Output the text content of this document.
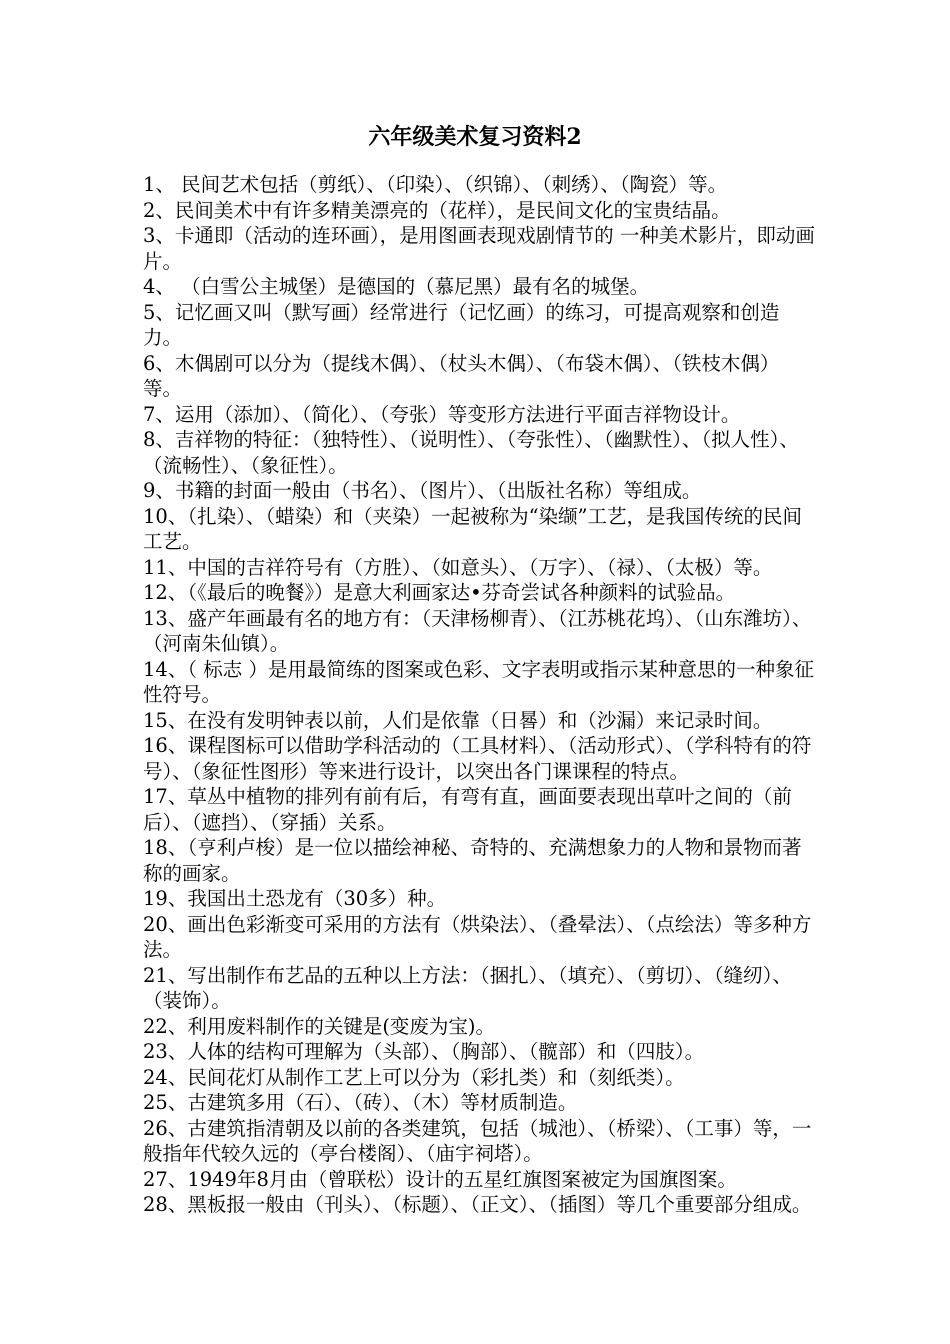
六年级美术复习资料2
1、 民间艺术包括（剪纸）、（印染）、（织锦）、（刺绣）、（陶瓷）等。
2、民间美术中有许多精美漂亮的（花样），是民间文化的宝贵结晶。
3、卡通即（活动的连环画），是用图画表现戏剧情节的 一种美术影片，即动画片。
4、 （白雪公主城堡）是德国的（慕尼黑）最有名的城堡。
5、记忆画又叫（默写画）经常进行（记忆画）的练习，可提高观察和创造力。
6、木偶剧可以分为（提线木偶）、（杖头木偶）、（布袋木偶）、（铁枝木偶）等。
7、运用（添加）、（简化）、（夸张）等变形方法进行平面吉祥物设计。
8、吉祥物的特征：（独特性）、（说明性）、（夸张性）、（幽默性）、（拟人性）、（流畅性）、（象征性）。
9、书籍的封面一般由（书名）、（图片）、（出版社名称）等组成。
10、（扎染）、（蜡染）和（夹染）一起被称为“染缬”工艺，是我国传统的民间工艺。
11、中国的吉祥符号有（方胜）、（如意头）、（万字）、（禄）、（太极）等。
12、（《最后的晚餐》）是意大利画家达•芬奇尝试各种颜料的试验品。
13、盛产年画最有名的地方有：（天津杨柳青）、（江苏桃花坞）、（山东潍坊）、（河南朱仙镇）。
14、（ 标志 ）是用最简练的图案或色彩、文字表明或指示某种意思的一种象征性符号。
15、在没有发明钟表以前，人们是依靠（日晷）和（沙漏）来记录时间。
16、课程图标可以借助学科活动的（工具材料）、（活动形式）、（学科特有的符号）、（象征性图形）等来进行设计，以突出各门课课程的特点。
17、草丛中植物的排列有前有后，有弯有直，画面要表现出草叶之间的（前后）、（遮挡）、（穿插）关系。
18、（亨利卢梭）是一位以描绘神秘、奇特的、充满想象力的人物和景物而著称的画家。
19、我国出土恐龙有（30多）种。
20、画出色彩渐变可采用的方法有（烘染法）、（叠晕法）、（点绘法）等多种方法。
21、写出制作布艺品的五种以上方法：（捆扎）、（填充）、（剪切）、（缝纫）、（装饰）。
22、利用废料制作的关键是(变废为宝)。
23、人体的结构可理解为（头部）、（胸部）、（髋部）和（四肢）。
24、民间花灯从制作工艺上可以分为（彩扎类）和（刻纸类）。
25、古建筑多用（石）、（砖）、（木）等材质制造。
26、古建筑指清朝及以前的各类建筑，包括（城池）、（桥梁）、（工事）等，一般指年代较久远的（亭台楼阁）、（庙宇祠塔）。
27、1949年8月由（曾联松）设计的五星红旗图案被定为国旗图案。
28、黑板报一般由（刊头）、（标题）、（正文）、（插图）等几个重要部分组成。
